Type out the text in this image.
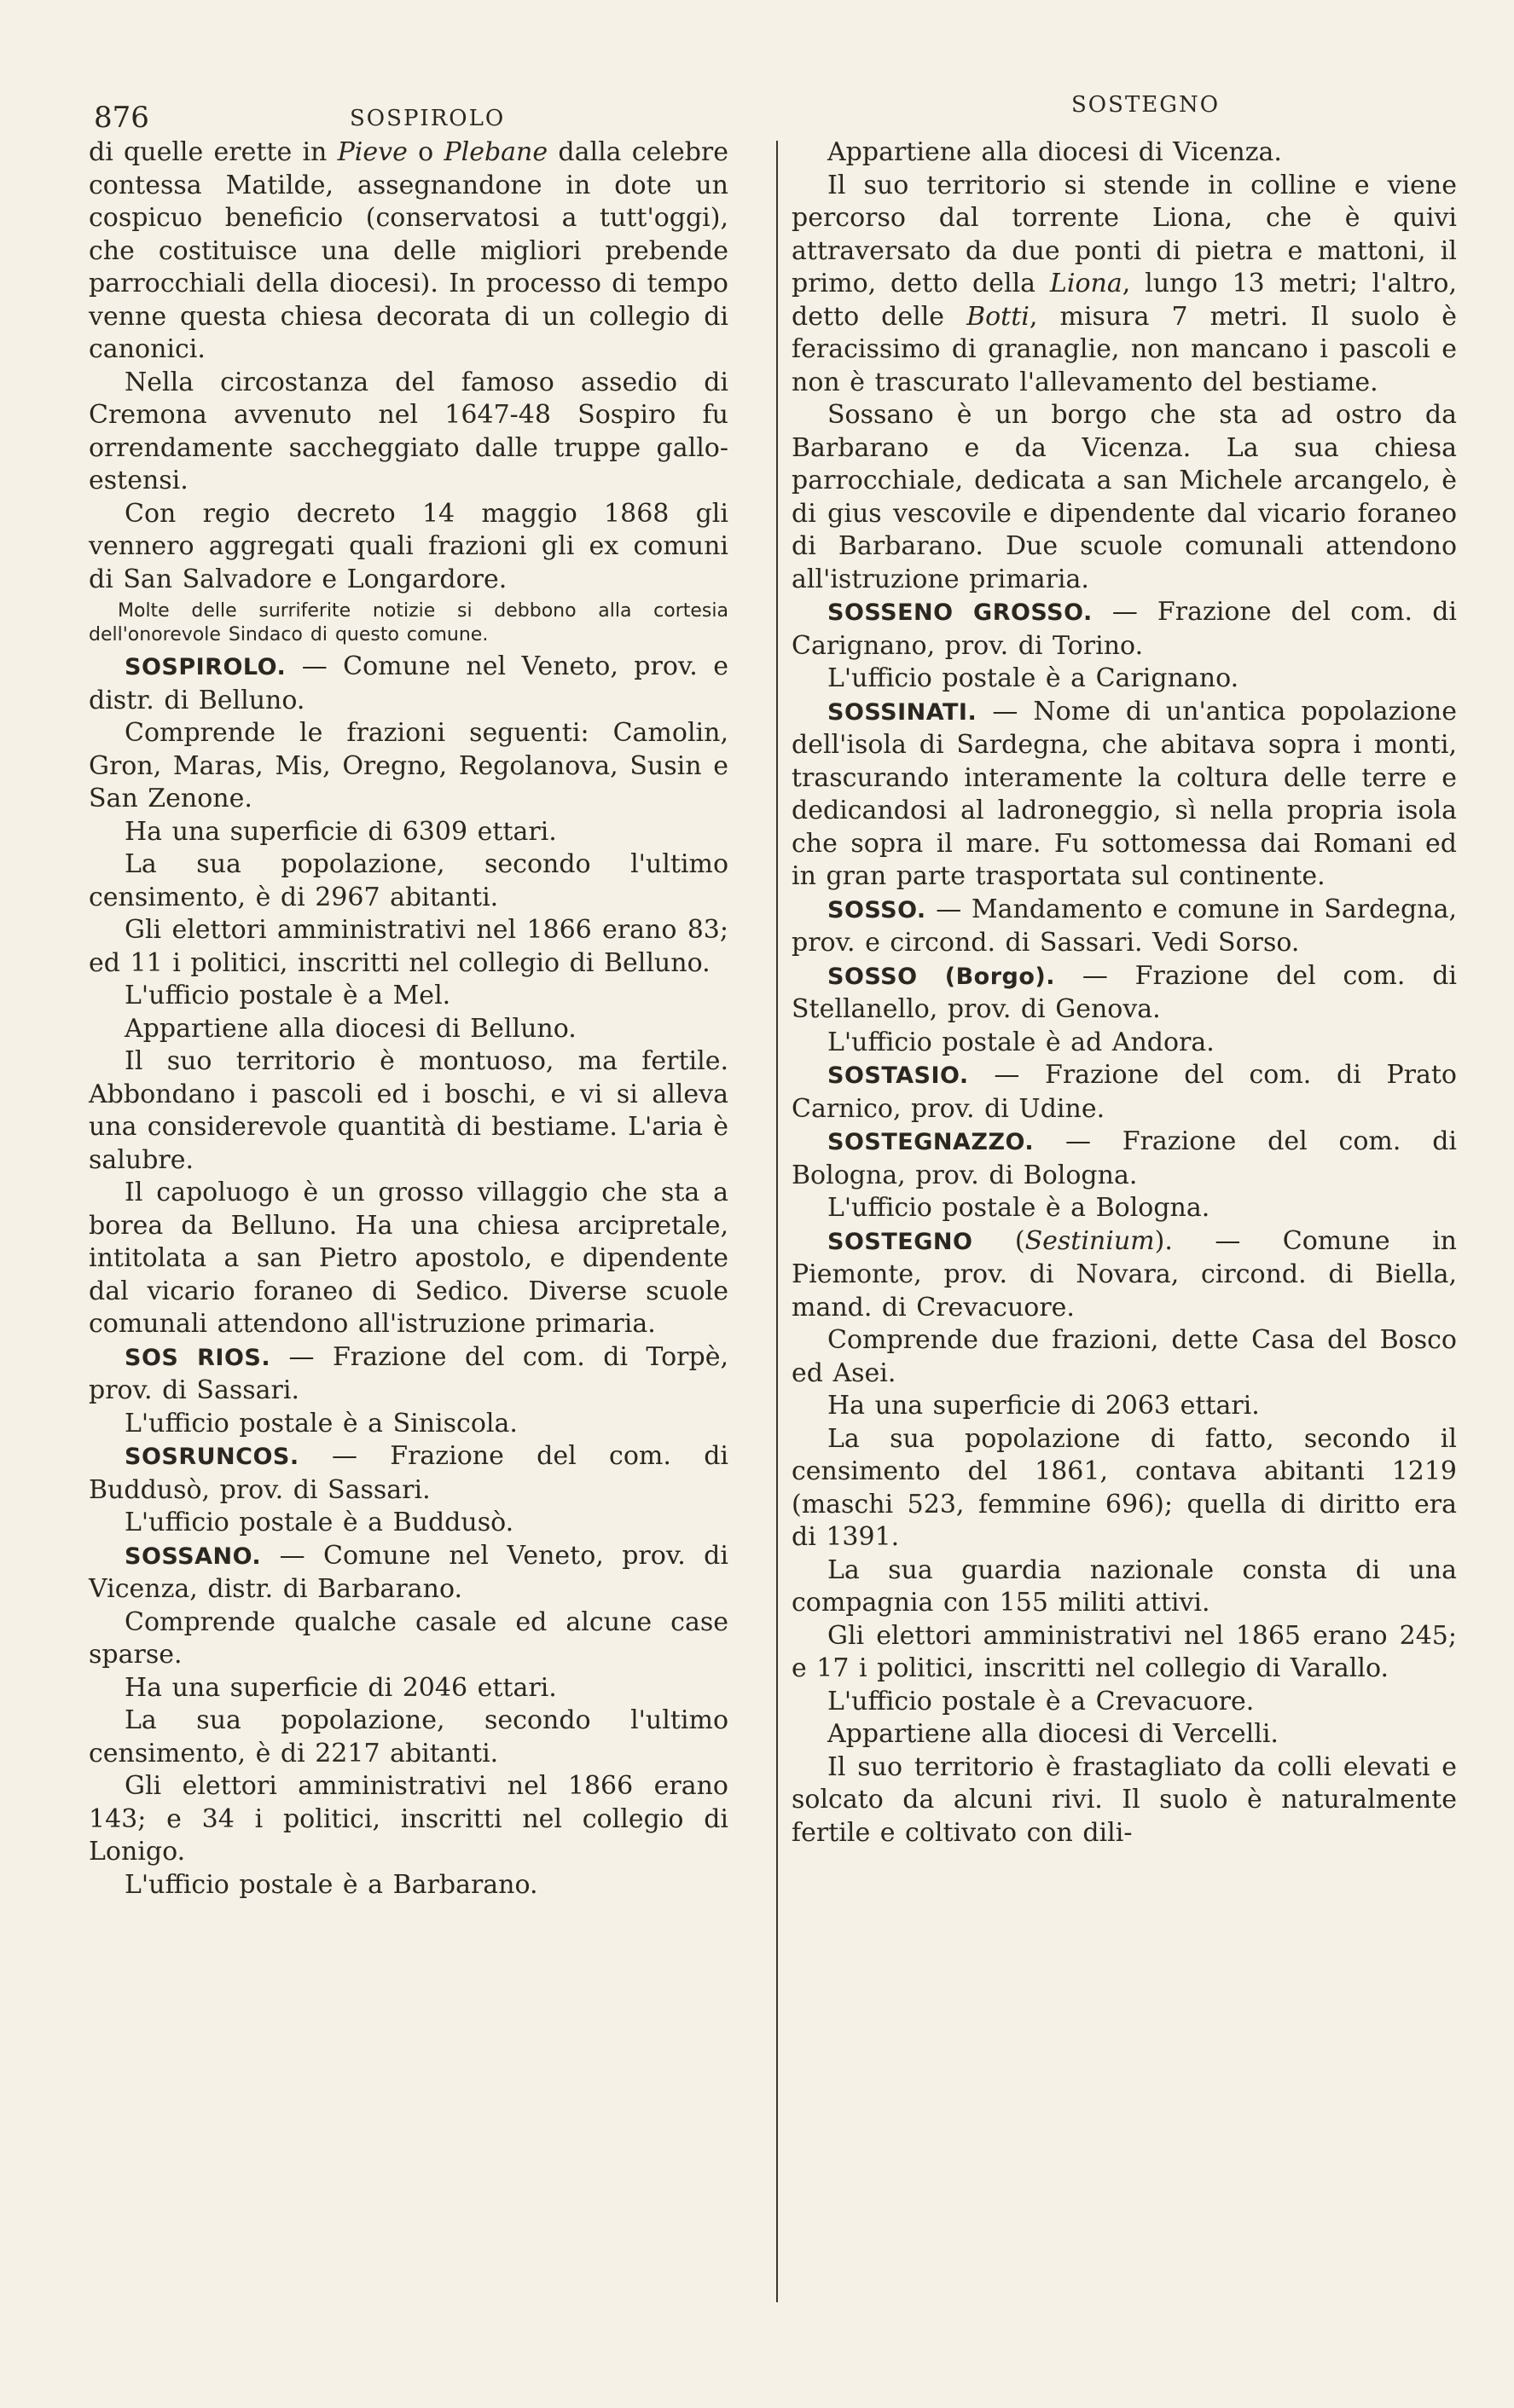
876	SOSPIROLO
SOSTEGNO

di quelle erette in Pieve o Plebane dalla celebre contessa Matilde, assegnandone in dote un cospicuo beneficio (conservatosi a tutt'oggi), che costituisce una delle migliori prebende parrocchiali della diocesi). In processo di tempo venne questa chiesa decorata di un collegio di canonici.

Nella circostanza del famoso assedio di Cremona avvenuto nel 1647-48 Sospiro fu orrendamente saccheggiato dalle truppe gallo-estensi.

Con regio decreto 14 maggio 1868 gli vennero aggregati quali frazioni gli ex comuni di San Salvadore e Longardore.

Molte delle surriferite notizie si debbono alla cortesia dell'onorevole Sindaco di questo comune.

SOSPIROLO. — Comune nel Veneto, prov. e distr. di Belluno.

Comprende le frazioni seguenti: Camolin, Gron, Maras, Mis, Oregno, Regolanova, Susin e San Zenone.

Ha una superficie di 6309 ettari.

La sua popolazione, secondo l'ultimo censimento, è di 2967 abitanti.

Gli elettori amministrativi nel 1866 erano 83; ed 11 i politici, inscritti nel collegio di Belluno.

L'ufficio postale è a Mel.

Appartiene alla diocesi di Belluno.

Il suo territorio è montuoso, ma fertile. Abbondano i pascoli ed i boschi, e vi si alleva una considerevole quantità di bestiame. L'aria è salubre.

Il capoluogo è un grosso villaggio che sta a borea da Belluno. Ha una chiesa arcipretale, intitolata a san Pietro apostolo, e dipendente dal vicario foraneo di Sedico. Diverse scuole comunali attendono all'istruzione primaria.

SOS RIOS. — Frazione del com. di Torpè, prov. di Sassari.

L'ufficio postale è a Siniscola.

SOSRUNCOS. — Frazione del com. di Buddusò, prov. di Sassari.

L'ufficio postale è a Buddusò.

SOSSANO. — Comune nel Veneto, prov. di Vicenza, distr. di Barbarano.

Comprende qualche casale ed alcune case sparse.

Ha una superficie di 2046 ettari.

La sua popolazione, secondo l'ultimo censimento, è di 2217 abitanti.

Gli elettori amministrativi nel 1866 erano 143; e 34 i politici, inscritti nel collegio di Lonigo.

L'ufficio postale è a Barbarano.

Appartiene alla diocesi di Vicenza.

Il suo territorio si stende in colline e viene percorso dal torrente Liona, che è quivi attraversato da due ponti di pietra e mattoni, il primo, detto della Liona, lungo 13 metri; l'altro, detto delle Botti, misura 7 metri. Il suolo è feracissimo di granaglie, non mancano i pascoli e non è trascurato l'allevamento del bestiame.

Sossano è un borgo che sta ad ostro da Barbarano e da Vicenza. La sua chiesa parrocchiale, dedicata a san Michele arcangelo, è di gius vescovile e dipendente dal vicario foraneo di Barbarano. Due scuole comunali attendono all'istruzione primaria.

SOSSENO GROSSO. — Frazione del com. di Carignano, prov. di Torino.

L'ufficio postale è a Carignano.

SOSSINATI. — Nome di un'antica popolazione dell'isola di Sardegna, che abitava sopra i monti, trascurando interamente la coltura delle terre e dedicandosi al ladroneggio, sì nella propria isola che sopra il mare. Fu sottomessa dai Romani ed in gran parte trasportata sul continente.

SOSSO. — Mandamento e comune in Sardegna, prov. e circond. di Sassari. Vedi Sorso.

SOSSO (Borgo). — Frazione del com. di Stellanello, prov. di Genova.

L'ufficio postale è ad Andora.

SOSTASIO. — Frazione del com. di Prato Carnico, prov. di Udine.

SOSTEGNAZZO. — Frazione del com. di Bologna, prov. di Bologna.

L'ufficio postale è a Bologna.

SOSTEGNO (Sestinium). — Comune in Piemonte, prov. di Novara, circond. di Biella, mand. di Crevacuore.

Comprende due frazioni, dette Casa del Bosco ed Asei.

Ha una superficie di 2063 ettari.

La sua popolazione di fatto, secondo il censimento del 1861, contava abitanti 1219 (maschi 523, femmine 696); quella di diritto era di 1391.

La sua guardia nazionale consta di una compagnia con 155 militi attivi.

Gli elettori amministrativi nel 1865 erano 245; e 17 i politici, inscritti nel collegio di Varallo.

L'ufficio postale è a Crevacuore.

Appartiene alla diocesi di Vercelli.

Il suo territorio è frastagliato da colli elevati e solcato da alcuni rivi. Il suolo è naturalmente fertile e coltivato con dili-
